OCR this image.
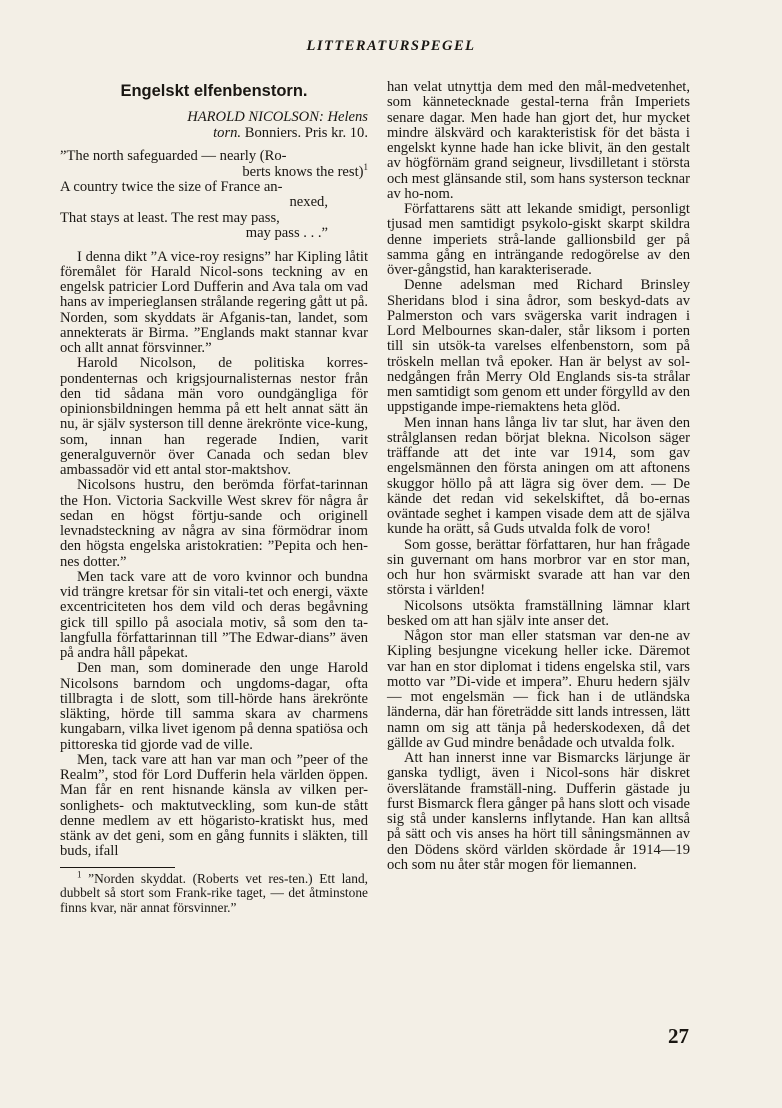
LITTERATURSPEGEL
Engelskt elfenbenstorn.
HAROLD NICOLSON: Helens
torn. Bonniers. Pris kr. 10.
”The north safeguarded — nearly (Ro-
berts knows the rest)$^1$
A country twice the size of France an-
nexed,
That stays at least. The rest may pass,
may pass . . .”

I denna dikt ”A vice-roy resigns” har Kipling låtit föremålet för Harald Nicol-sons teckning av en engelsk patricier Lord Dufferin and Ava tala om vad hans av imperieglansen strålande regering gått ut på. Norden, som skyddats är Afganis-tan, landet, som annekterats är Birma. ”Englands makt stannar kvar och allt annat försvinner.”

Harold Nicolson, de politiska korres-pondenternas och krigsjournalisternas nestor från den tid sådana män voro oundgängliga för opinionsbildningen hemma på ett helt annat sätt än nu, är själv systerson till denne ärekrönte vice-kung, som, innan han regerade Indien, varit generalguvernör över Canada och sedan blev ambassadör vid ett antal stor-maktshov.

Nicolsons hustru, den berömda förfat-tarinnan the Hon. Victoria Sackville West skrev för några år sedan en högst förtju-sande och originell levnadsteckning av några av sina förmödrar inom den högsta engelska aristokratien: ”Pepita och hen-nes dotter.”

Men tack vare att de voro kvinnor och bundna vid trängre kretsar för sin vitali-tet och energi, växte excentriciteten hos dem vild och deras begåvning gick till spillo på asociala motiv, så som den ta-langfulla författarinnan till ”The Edwar-dians” även på andra håll påpekat.

Den man, som dominerade den unge Harold Nicolsons barndom och ungdoms-dagar, ofta tillbragta i de slott, som till-hörde hans ärekrönte släkting, hörde till samma skara av charmens kungabarn, vilka livet igenom på denna spatiösa och pittoreska tid gjorde vad de ville.

Men, tack vare att han var man och ”peer of the Realm”, stod för Lord Dufferin hela världen öppen. Man får en rent hisnande känsla av vilken per-sonlighets- och maktutveckling, som kun-de stått denne medlem av ett högaristo-kratiskt hus, med stänk av det geni, som en gång funnits i släkten, till buds, ifall

$^1$ ”Norden skyddat. (Roberts vet res-ten.) Ett land, dubbelt så stort som Frank-rike taget, — det åtminstone finns kvar, när annat försvinner.”

han velat utnyttja dem med den mål-medvetenhet, som kännetecknade gestal-terna från Imperiets senare dagar. Men hade han gjort det, hur mycket mindre älskvärd och karakteristisk för det bästa i engelskt kynne hade han icke blivit, än den gestalt av högförnäm grand seigneur, livsdilletant i största och mest glänsande stil, som hans systerson tecknar av ho-nom.

Författarens sätt att lekande smidigt, personligt tjusad men samtidigt psykolo-giskt skarpt skildra denne imperiets strå-lande gallionsbild ger på samma gång en inträngande redogörelse av den över-gångstid, han karakteriserade.

Denne adelsman med Richard Brinsley Sheridans blod i sina ådror, som beskyd-dats av Palmerston och vars svägerska varit indragen i Lord Melbournes skan-daler, står liksom i porten till sin utsök-ta varelses elfenbenstorn, som på tröskeln mellan två epoker. Han är belyst av sol-nedgången från Merry Old Englands sis-ta strålar men samtidigt som genom ett under förgylld av den uppstigande impe-riemaktens heta glöd.

Men innan hans långa liv tar slut, har även den strålglansen redan börjat blekna. Nicolson säger träffande att det inte var 1914, som gav engelsmännen den första aningen om att aftonens skuggor höllo på att lägra sig över dem. — De kände det redan vid sekelskiftet, då bo-ernas oväntade seghet i kampen visade dem att de själva kunde ha orätt, så Guds utvalda folk de voro!

Som gosse, berättar författaren, hur han frågade sin guvernant om hans morbror var en stor man, och hur hon svärmiskt svarade att han var den största i världen!

Nicolsons utsökta framställning lämnar klart besked om att han själv inte anser det.

Någon stor man eller statsman var den-ne av Kipling besjungne vicekung heller icke. Däremot var han en stor diplomat i tidens engelska stil, vars motto var ”Di-vide et impera”. Ehuru hedern själv — mot engelsmän — fick han i de utländska länderna, där han företrädde sitt lands intressen, lätt namn om sig att tänja på hederskodexen, då det gällde av Gud mindre benådade och utvalda folk.

Att han innerst inne var Bismarcks lärjunge är ganska tydligt, även i Nicol-sons här diskret överslätande framställ-ning. Dufferin gästade ju furst Bismarck flera gånger på hans slott och visade sig stå under kanslerns inflytande. Han kan alltså på sätt och vis anses ha hört till såningsmännen av den Dödens skörd världen skördade år 1914—19 och som nu åter står mogen för liemannen.

27
